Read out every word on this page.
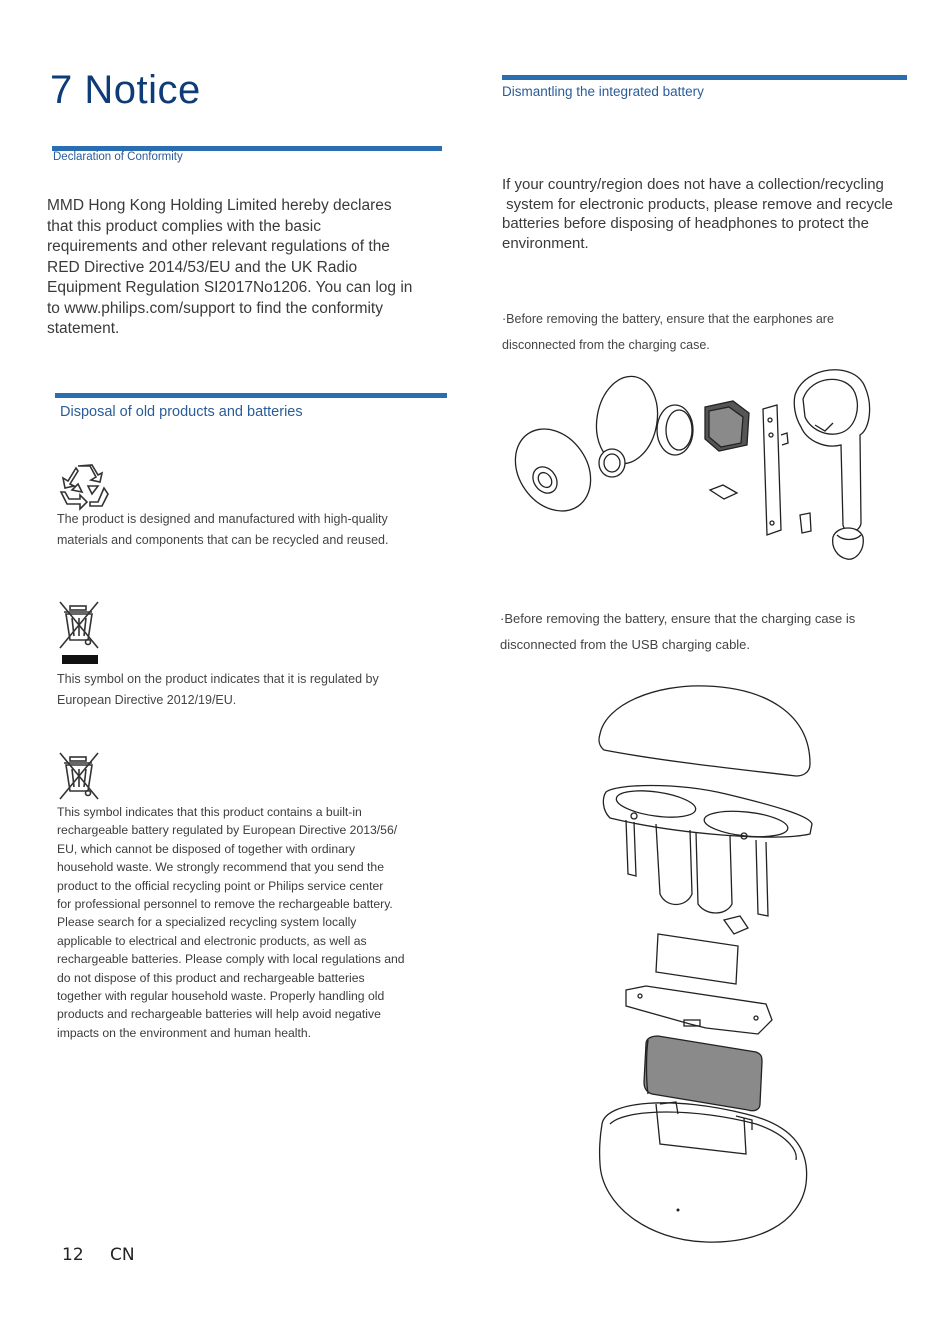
7 Notice
Declaration of Conformity
MMD Hong Kong Holding Limited hereby declares
that this product complies with the basic
requirements and other relevant regulations of the
RED Directive 2014/53/EU and the UK Radio
Equipment Regulation SI2017No1206. You can log in
to www.philips.com/support to find the conformity
statement.
Disposal of old products and batteries
The product is designed and manufactured with high-quality
materials and components that can be recycled and reused.
This symbol on the product indicates that it is regulated by
European Directive 2012/19/EU.
This symbol indicates that this product contains a built-in
rechargeable battery regulated by European Directive 2013/56/
EU, which cannot be disposed of together with ordinary
household waste. We strongly recommend that you send the
product to the official recycling point or Philips service center
for professional personnel to remove the rechargeable battery.
Please search for a specialized recycling system locally
applicable to electrical and electronic products, as well as
rechargeable batteries. Please comply with local regulations and
do not dispose of this product and rechargeable batteries
together with regular household waste. Properly handling old
products and rechargeable batteries will help avoid negative
impacts on the environment and human health.
Dismantling the integrated battery
If your country/region does not have a collection/recycling
system for electronic products, please remove and recycle
batteries before disposing of headphones to protect the
environment.
·Before removing the battery, ensure that the earphones are
disconnected from the charging case.
·Before removing the battery, ensure that the charging case is
disconnected from the USB charging cable.
12 CN
